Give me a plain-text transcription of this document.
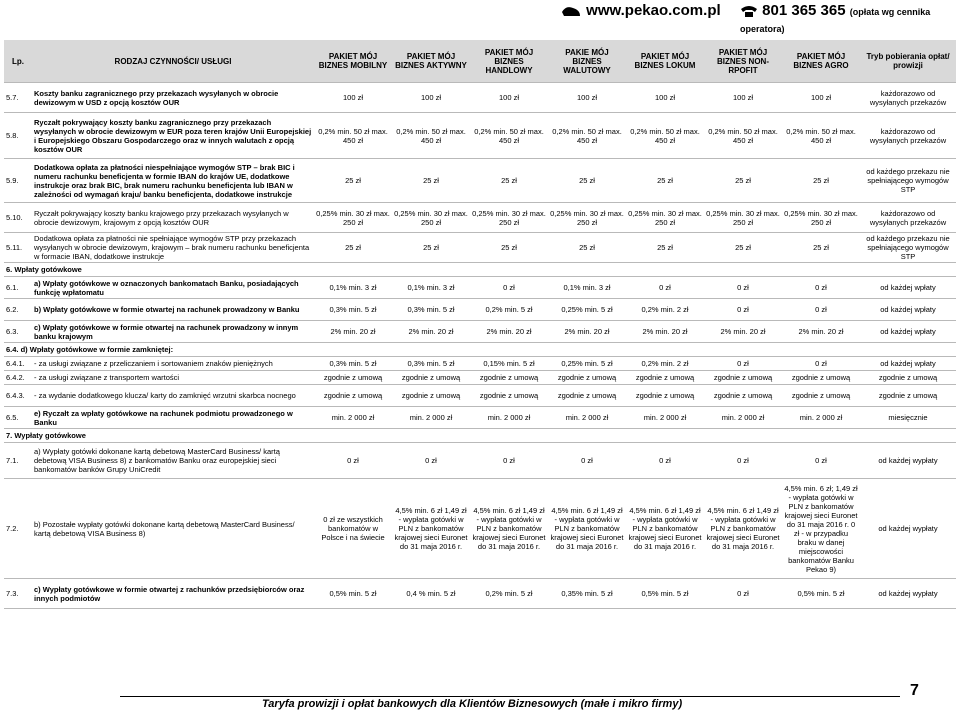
www.pekao.com.pl	801 365 365 (opłata wg cennika operatora)
Lp.	RODZAJ CZYNNOŚCI/ USŁUGI	PAKIET MÓJ BIZNES MOBILNY	PAKIET MÓJ BIZNES AKTYWNY	PAKIET MÓJ BIZNES HANDLOWY	PAKIE MÓJ BIZNES WALUTOWY	PAKIET MÓJ BIZNES LOKUM	PAKIET MÓJ BIZNES NON-RPOFIT	PAKIET MÓJ BIZNES AGRO	Tryb pobierania opłat/ prowizji
5.7.	Koszty banku zagranicznego przy przekazach wysyłanych w obrocie dewizowym w USD z opcją kosztów OUR	100 zł	100 zł	100 zł	100 zł	100 zł	100 zł	100 zł	każdorazowo od wysyłanych przekazów
5.8.	Ryczałt pokrywający koszty banku zagranicznego przy przekazach wysyłanych w obrocie dewizowym w EUR poza teren krajów Unii Europejskiej i Europejskiego Obszaru Gospodarczego oraz w innych walutach z opcją kosztów OUR	0,2% min. 50 zł max. 450 zł	0,2% min. 50 zł max. 450 zł	0,2% min. 50 zł max. 450 zł	0,2% min. 50 zł max. 450 zł	0,2% min. 50 zł max. 450 zł	0,2% min. 50 zł max. 450 zł	0,2% min. 50 zł max. 450 zł	każdorazowo od wysyłanych przekazów
5.9.	Dodatkowa opłata za płatności niespełniające wymogów STP – brak BIC i numeru rachunku beneficjenta w formie IBAN do krajów UE, dodatkowe instrukcje oraz brak BIC, brak numeru rachunku beneficjenta lub IBAN w zależności od wymagań kraju/ banku beneficjenta, dodatkowe instrukcje	25 zł	25 zł	25 zł	25 zł	25 zł	25 zł	25 zł	od każdego przekazu nie spełniającego wymogów STP
5.10.	Ryczałt pokrywający koszty banku krajowego przy przekazach wysyłanych w obrocie dewizowym, krajowym z opcją kosztów OUR	0,25% min. 30 zł max. 250 zł	0,25% min. 30 zł max. 250 zł	0,25% min. 30 zł max. 250 zł	0,25% min. 30 zł max. 250 zł	0,25% min. 30 zł max. 250 zł	0,25% min. 30 zł max. 250 zł	0,25% min. 30 zł max. 250 zł	każdorazowo od wysyłanych przekazów
5.11.	Dodatkowa opłata za płatności nie spełniające wymogów STP przy przekazach wysyłanych w obrocie dewizowym, krajowym – brak numeru rachunku beneficjenta w formacie IBAN, dodatkowe instrukcje	25 zł	25 zł	25 zł	25 zł	25 zł	25 zł	25 zł	od każdego przekazu nie spełniającego wymogów STP
6. Wpłaty gotówkowe									
6.1.	a) Wpłaty gotówkowe w oznaczonych bankomatach Banku, posiadających funkcję wpłatomatu	0,1% min. 3 zł	0,1% min. 3 zł	0 zł	0,1% min. 3 zł	0 zł	0 zł	0 zł	od każdej wpłaty
6.2.	b) Wpłaty gotówkowe w formie otwartej na rachunek prowadzony w Banku	0,3% min. 5 zł	0,3% min. 5 zł	0,2% min. 5 zł	0,25% min. 5 zł	0,2% min. 2 zł	0 zł	0 zł	od każdej wpłaty
6.3.	c) Wpłaty gotówkowe w formie otwartej na rachunek prowadzony w innym banku krajowym	2% min. 20 zł	2% min. 20 zł	2% min. 20 zł	2% min. 20 zł	2% min. 20 zł	2% min. 20 zł	2% min. 20 zł	od każdej wpłaty
6.4. d) Wpłaty gotówkowe w formie zamkniętej:									
6.4.1.	- za usługi związane z przeliczaniem i sortowaniem znaków pieniężnych	0,3% min. 5 zł	0,3% min. 5 zł	0,15% min. 5 zł	0,25% min. 5 zł	0,2% min. 2 zł	0 zł	0 zł	od każdej wpłaty
6.4.2.	- za usługi związane z transportem wartości	zgodnie z umową	zgodnie z umową	zgodnie z umową	zgodnie z umową	zgodnie z umową	zgodnie z umową	zgodnie z umową	zgodnie z umową
6.4.3.	- za wydanie dodatkowego klucza/ karty do zamknięć wrzutni skarbca nocnego	zgodnie z umową	zgodnie z umową	zgodnie z umową	zgodnie z umową	zgodnie z umową	zgodnie z umową	zgodnie z umową	zgodnie z umową
6.5.	e) Ryczałt za wpłaty gotówkowe na rachunek podmiotu prowadzonego w Banku	min. 2 000 zł	min. 2 000 zł	min. 2 000 zł	min. 2 000 zł	min. 2 000 zł	min. 2 000 zł	min. 2 000 zł	miesięcznie
7. Wypłaty gotówkowe									
7.1.	a) Wypłaty gotówki dokonane kartą debetową MasterCard Business/ kartą debetową VISA Business 8) z bankomatów Banku oraz europejskiej sieci bankomatów banków Grupy UniCredit	0 zł	0 zł	0 zł	0 zł	0 zł	0 zł	0 zł	od każdej wypłaty
7.2.	b) Pozostałe wypłaty gotówki dokonane kartą debetową MasterCard Business/ kartą debetową VISA Business 8)	0 zł ze wszystkich bankomatów w Polsce i na świecie	4,5% min. 6 zł 1,49 zł - wypłata gotówki w PLN z bankomatów krajowej sieci Euronet do 31 maja 2016 r.	4,5% min. 6 zł 1,49 zł - wypłata gotówki w PLN z bankomatów krajowej sieci Euronet do 31 maja 2016 r.	4,5% min. 6 zł 1,49 zł - wypłata gotówki w PLN z bankomatów krajowej sieci Euronet do 31 maja 2016 r.	4,5% min. 6 zł 1,49 zł - wypłata gotówki w PLN z bankomatów krajowej sieci Euronet do 31 maja 2016 r.	4,5% min. 6 zł 1,49 zł - wypłata gotówki w PLN z bankomatów krajowej sieci Euronet do 31 maja 2016 r.	4,5% min. 6 zł; 1,49 zł - wypłata gotówki w PLN z bankomatów krajowej sieci Euronet do 31 maja 2016 r. 0 zł - w przypadku braku w danej miejscowości bankomatów Banku Pekao 9)	od każdej wypłaty
7.3.	c) Wypłaty gotówkowe w formie otwartej z rachunków przedsiębiorców oraz innych podmiotów	0,5% min. 5 zł	0,4 % min. 5 zł	0,2% min. 5 zł	0,35% min. 5 zł	0,5% min. 5 zł	0 zł	0,5% min. 5 zł	od każdej wypłaty
7
Taryfa prowizji i opłat bankowych dla Klientów Biznesowych (małe i mikro firmy)
